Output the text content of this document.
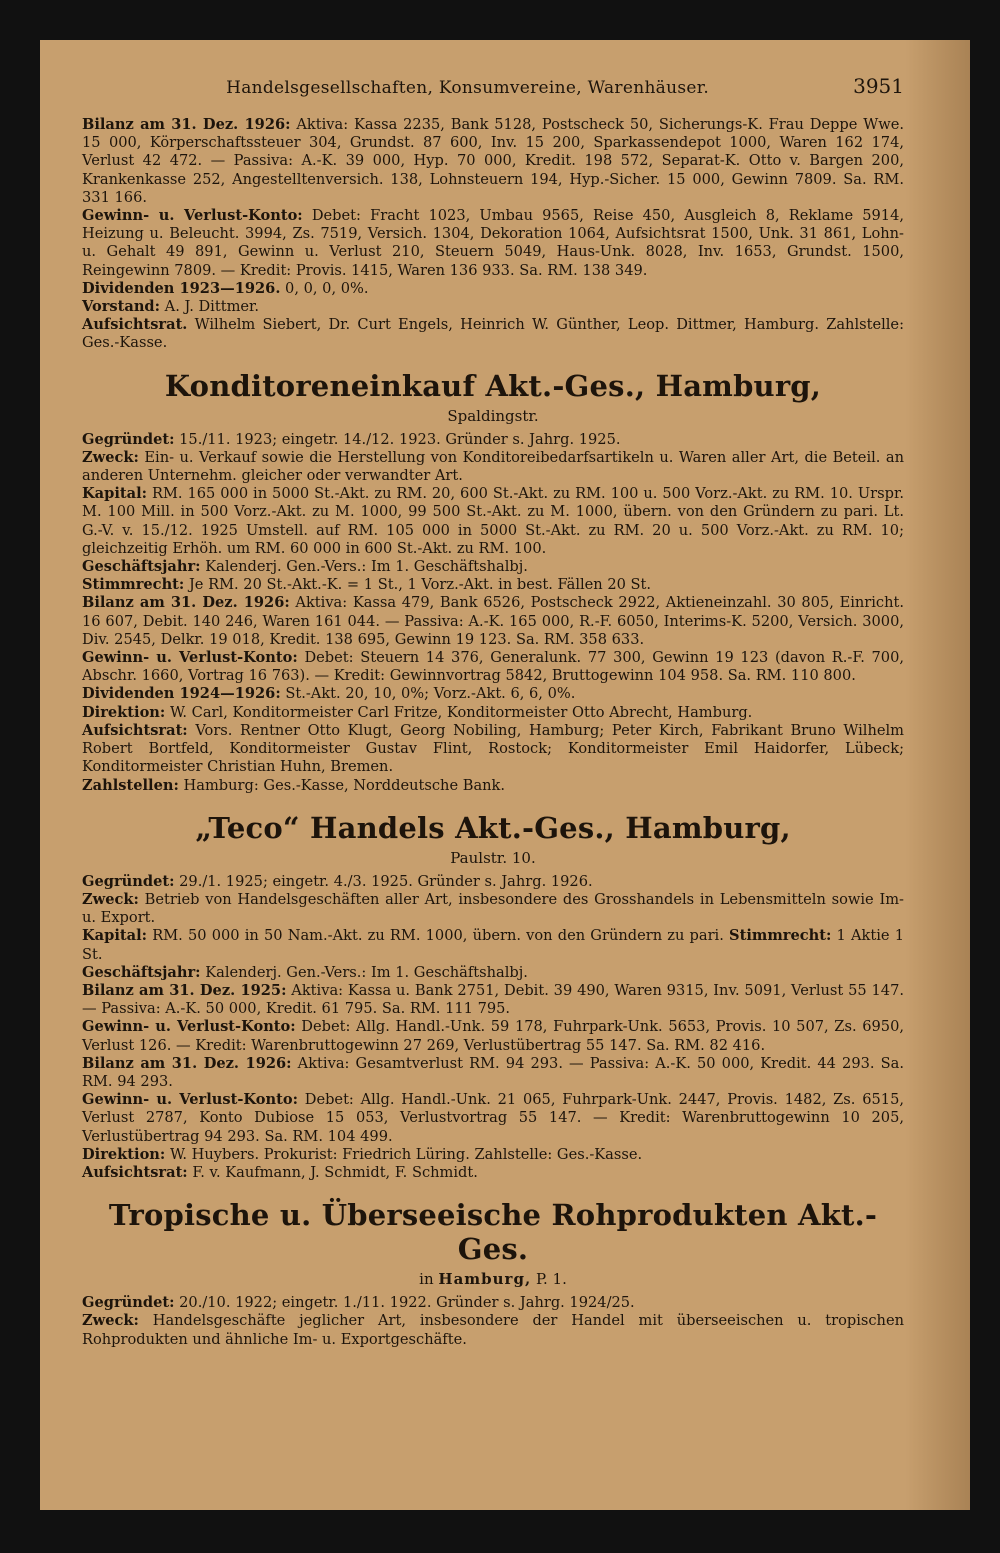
Handelsgesellschaften, Konsumvereine, Warenhäuser.	3951

Bilanz am 31. Dez. 1926: Aktiva: Kassa 2235, Bank 5128, Postscheck 50, Sicherungs-K. Frau Deppe Wwe. 15 000, Körperschaftssteuer 304, Grundst. 87 600, Inv. 15 200, Sparkassendepot 1000, Waren 162 174, Verlust 42 472. — Passiva: A.-K. 39 000, Hyp. 70 000, Kredit. 198 572, Separat-K. Otto v. Bargen 200, Krankenkasse 252, Angestelltenversich. 138, Lohnsteuern 194, Hyp.-Sicher. 15 000, Gewinn 7809. Sa. RM. 331 166.

Gewinn- u. Verlust-Konto: Debet: Fracht 1023, Umbau 9565, Reise 450, Ausgleich 8, Reklame 5914, Heizung u. Beleucht. 3994, Zs. 7519, Versich. 1304, Dekoration 1064, Aufsichtsrat 1500, Unk. 31 861, Lohn- u. Gehalt 49 891, Gewinn u. Verlust 210, Steuern 5049, Haus-Unk. 8028, Inv. 1653, Grundst. 1500, Reingewinn 7809. — Kredit: Provis. 1415, Waren 136 933. Sa. RM. 138 349.

Dividenden 1923—1926. 0, 0, 0, 0%.

Vorstand: A. J. Dittmer.

Aufsichtsrat. Wilhelm Siebert, Dr. Curt Engels, Heinrich W. Günther, Leop. Dittmer, Hamburg. Zahlstelle: Ges.-Kasse.

Konditoreneinkauf Akt.-Ges., Hamburg,
Spaldingstr.

Gegründet: 15./11. 1923; eingetr. 14./12. 1923. Gründer s. Jahrg. 1925.

Zweck: Ein- u. Verkauf sowie die Herstellung von Konditoreibedarfsartikeln u. Waren aller Art, die Beteil. an anderen Unternehm. gleicher oder verwandter Art.

Kapital: RM. 165 000 in 5000 St.-Akt. zu RM. 20, 600 St.-Akt. zu RM. 100 u. 500 Vorz.-Akt. zu RM. 10. Urspr. M. 100 Mill. in 500 Vorz.-Akt. zu M. 1000, 99 500 St.-Akt. zu M. 1000, übern. von den Gründern zu pari. Lt. G.-V. v. 15./12. 1925 Umstell. auf RM. 105 000 in 5000 St.-Akt. zu RM. 20 u. 500 Vorz.-Akt. zu RM. 10; gleichzeitig Erhöh. um RM. 60 000 in 600 St.-Akt. zu RM. 100.

Geschäftsjahr: Kalenderj. Gen.-Vers.: Im 1. Geschäftshalbj.

Stimmrecht: Je RM. 20 St.-Akt.-K. = 1 St., 1 Vorz.-Akt. in best. Fällen 20 St.

Bilanz am 31. Dez. 1926: Aktiva: Kassa 479, Bank 6526, Postscheck 2922, Aktieneinzahl. 30 805, Einricht. 16 607, Debit. 140 246, Waren 161 044. — Passiva: A.-K. 165 000, R.-F. 6050, Interims-K. 5200, Versich. 3000, Div. 2545, Delkr. 19 018, Kredit. 138 695, Gewinn 19 123. Sa. RM. 358 633.

Gewinn- u. Verlust-Konto: Debet: Steuern 14 376, Generalunk. 77 300, Gewinn 19 123 (davon R.-F. 700, Abschr. 1660, Vortrag 16 763). — Kredit: Gewinnvortrag 5842, Bruttogewinn 104 958. Sa. RM. 110 800.

Dividenden 1924—1926: St.-Akt. 20, 10, 0%; Vorz.-Akt. 6, 6, 0%.

Direktion: W. Carl, Konditormeister Carl Fritze, Konditormeister Otto Abrecht, Hamburg.

Aufsichtsrat: Vors. Rentner Otto Klugt, Georg Nobiling, Hamburg; Peter Kirch, Fabrikant Bruno Wilhelm Robert Bortfeld, Konditormeister Gustav Flint, Rostock; Konditormeister Emil Haidorfer, Lübeck; Konditormeister Christian Huhn, Bremen.

Zahlstellen: Hamburg: Ges.-Kasse, Norddeutsche Bank.

„Teco“ Handels Akt.-Ges., Hamburg,
Paulstr. 10.

Gegründet: 29./1. 1925; eingetr. 4./3. 1925. Gründer s. Jahrg. 1926.

Zweck: Betrieb von Handelsgeschäften aller Art, insbesondere des Grosshandels in Lebensmitteln sowie Im- u. Export.

Kapital: RM. 50 000 in 50 Nam.-Akt. zu RM. 1000, übern. von den Gründern zu pari. Stimmrecht: 1 Aktie 1 St.

Geschäftsjahr: Kalenderj. Gen.-Vers.: Im 1. Geschäftshalbj.

Bilanz am 31. Dez. 1925: Aktiva: Kassa u. Bank 2751, Debit. 39 490, Waren 9315, Inv. 5091, Verlust 55 147. — Passiva: A.-K. 50 000, Kredit. 61 795. Sa. RM. 111 795.

Gewinn- u. Verlust-Konto: Debet: Allg. Handl.-Unk. 59 178, Fuhrpark-Unk. 5653, Provis. 10 507, Zs. 6950, Verlust 126. — Kredit: Warenbruttogewinn 27 269, Verlustübertrag 55 147. Sa. RM. 82 416.

Bilanz am 31. Dez. 1926: Aktiva: Gesamtverlust RM. 94 293. — Passiva: A.-K. 50 000, Kredit. 44 293. Sa. RM. 94 293.

Gewinn- u. Verlust-Konto: Debet: Allg. Handl.-Unk. 21 065, Fuhrpark-Unk. 2447, Provis. 1482, Zs. 6515, Verlust 2787, Konto Dubiose 15 053, Verlustvortrag 55 147. — Kredit: Warenbruttogewinn 10 205, Verlustübertrag 94 293. Sa. RM. 104 499.

Direktion: W. Huybers. Prokurist: Friedrich Lüring. Zahlstelle: Ges.-Kasse.

Aufsichtsrat: F. v. Kaufmann, J. Schmidt, F. Schmidt.

Tropische u. Überseeische Rohprodukten Akt.-Ges.
in Hamburg, P. 1.

Gegründet: 20./10. 1922; eingetr. 1./11. 1922. Gründer s. Jahrg. 1924/25.

Zweck: Handelsgeschäfte jeglicher Art, insbesondere der Handel mit überseeischen u. tropischen Rohprodukten und ähnliche Im- u. Exportgeschäfte.
